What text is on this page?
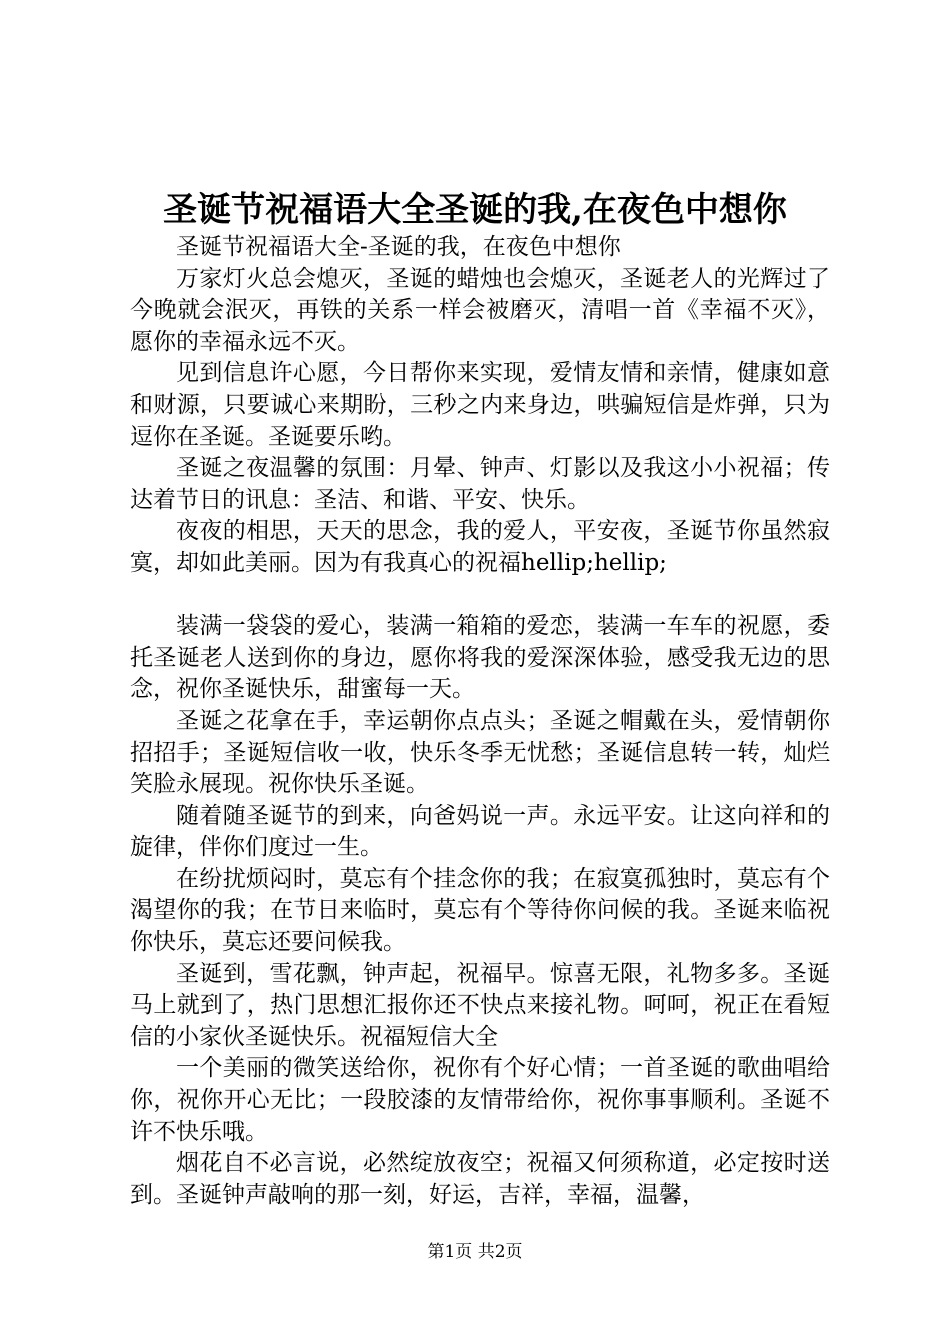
圣诞节祝福语大全圣诞的我,在夜色中想你

圣诞节祝福语大全-圣诞的我，在夜色中想你

万家灯火总会熄灭，圣诞的蜡烛也会熄灭，圣诞老人的光辉过了今晚就会泯灭，再铁的关系一样会被磨灭，清唱一首《幸福不灭》，愿你的幸福永远不灭。

见到信息许心愿，今日帮你来实现，爱情友情和亲情，健康如意和财源，只要诚心来期盼，三秒之内来身边，哄骗短信是炸弹，只为逗你在圣诞。圣诞要乐哟。

圣诞之夜温馨的氛围：月晕、钟声、灯影以及我这小小祝福；传达着节日的讯息：圣洁、和谐、平安、快乐。

夜夜的相思，天天的思念，我的爱人，平安夜，圣诞节你虽然寂寞，却如此美丽。因为有我真心的祝福hellip;hellip;

装满一袋袋的爱心，装满一箱箱的爱恋，装满一车车的祝愿，委托圣诞老人送到你的身边，愿你将我的爱深深体验，感受我无边的思念，祝你圣诞快乐，甜蜜每一天。

圣诞之花拿在手，幸运朝你点点头；圣诞之帽戴在头，爱情朝你招招手；圣诞短信收一收，快乐冬季无忧愁；圣诞信息转一转，灿烂笑脸永展现。祝你快乐圣诞。

随着随圣诞节的到来，向爸妈说一声。永远平安。让这向祥和的旋律，伴你们度过一生。

在纷扰烦闷时，莫忘有个挂念你的我；在寂寞孤独时，莫忘有个渴望你的我；在节日来临时，莫忘有个等待你问候的我。圣诞来临祝你快乐，莫忘还要问候我。

圣诞到，雪花飘，钟声起，祝福早。惊喜无限，礼物多多。圣诞马上就到了，热门思想汇报你还不快点来接礼物。呵呵，祝正在看短信的小家伙圣诞快乐。祝福短信大全

一个美丽的微笑送给你，祝你有个好心情；一首圣诞的歌曲唱给你，祝你开心无比；一段胶漆的友情带给你，祝你事事顺利。圣诞不许不快乐哦。

烟花自不必言说，必然绽放夜空；祝福又何须称道，必定按时送到。圣诞钟声敲响的那一刻，好运，吉祥，幸福，温馨，

第1页 共2页
